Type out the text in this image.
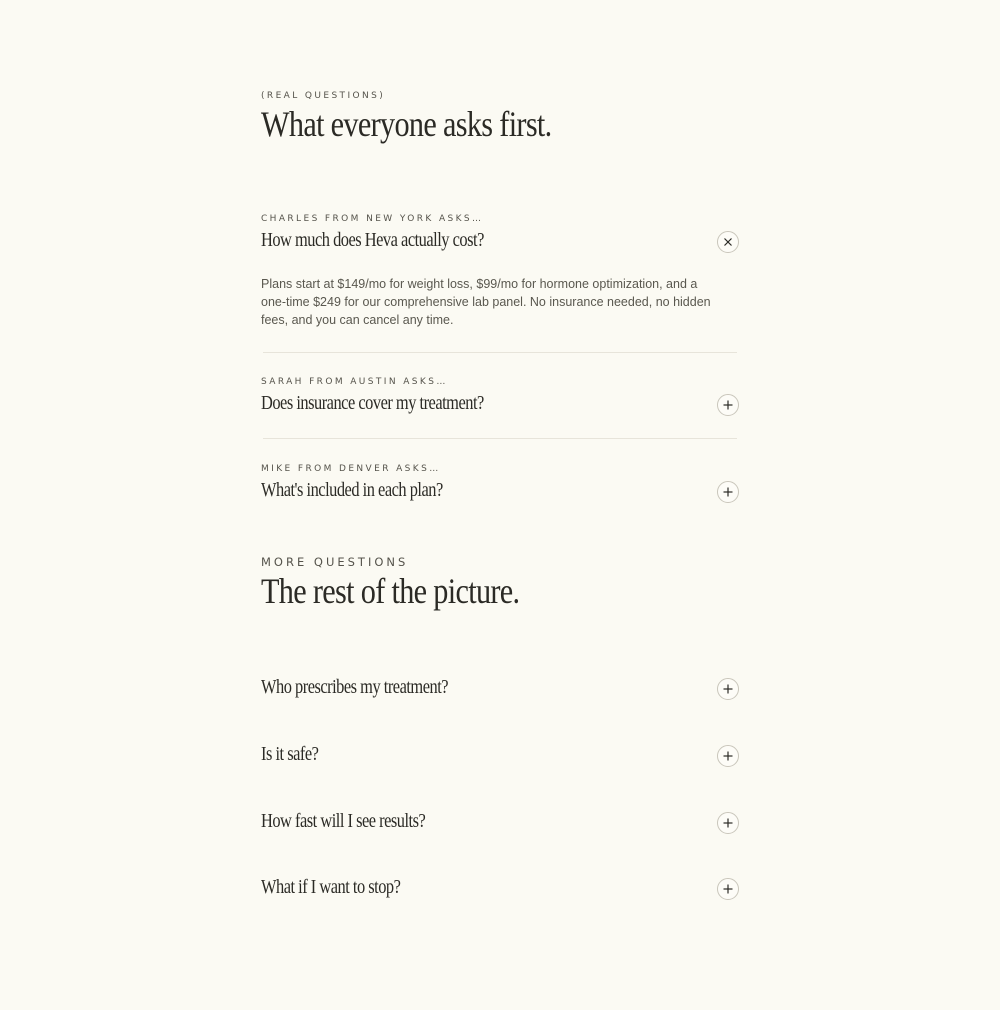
(REAL QUESTIONS)
What everyone asks first.
CHARLES FROM NEW YORK ASKS…
How much does Heva actually cost?

Plans start at $149/mo for weight loss, $99/mo for hormone optimization, and a one-time $249 for our comprehensive lab panel. No insurance needed, no hidden fees, and you can cancel any time.

SARAH FROM AUSTIN ASKS…
Does insurance cover my treatment?
MIKE FROM DENVER ASKS…
What's included in each plan?
MORE QUESTIONS
The rest of the picture.
Who prescribes my treatment?
Is it safe?
How fast will I see results?
What if I want to stop?
